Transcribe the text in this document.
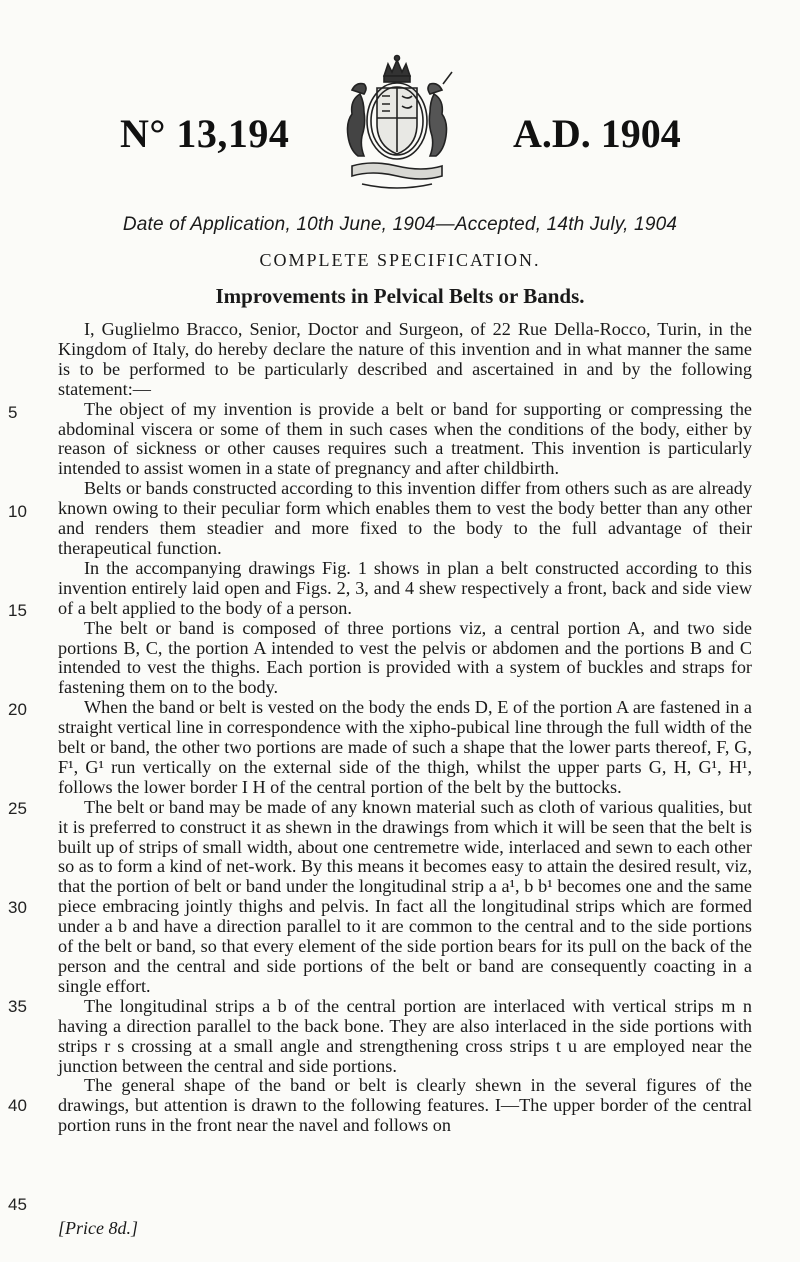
N° 13,194	A.D. 1904
Date of Application, 10th June, 1904—Accepted, 14th July, 1904
COMPLETE SPECIFICATION.
Improvements in Pelvical Belts or Bands.

I, Guglielmo Bracco, Senior, Doctor and Surgeon, of 22 Rue Della-Rocco, Turin, in the Kingdom of Italy, do hereby declare the nature of this invention and in what manner the same is to be performed to be particularly described and ascertained in and by the following statement:—

The object of my invention is provide a belt or band for supporting or compressing the abdominal viscera or some of them in such cases when the conditions of the body, either by reason of sickness or other causes requires such a treatment. This invention is particularly intended to assist women in a state of pregnancy and after childbirth.

Belts or bands constructed according to this invention differ from others such as are already known owing to their peculiar form which enables them to vest the body better than any other and renders them steadier and more fixed to the body to the full advantage of their therapeutical function.

In the accompanying drawings Fig. 1 shows in plan a belt constructed according to this invention entirely laid open and Figs. 2, 3, and 4 shew respectively a front, back and side view of a belt applied to the body of a person.

The belt or band is composed of three portions viz, a central portion A, and two side portions B, C, the portion A intended to vest the pelvis or abdomen and the portions B and C intended to vest the thighs. Each portion is provided with a system of buckles and straps for fastening them on to the body.

When the band or belt is vested on the body the ends D, E of the portion A are fastened in a straight vertical line in correspondence with the xipho-pubical line through the full width of the belt or band, the other two portions are made of such a shape that the lower parts thereof, F, G, F¹, G¹ run vertically on the external side of the thigh, whilst the upper parts G, H, G¹, H¹, follows the lower border I H of the central portion of the belt by the buttocks.

The belt or band may be made of any known material such as cloth of various qualities, but it is preferred to construct it as shewn in the drawings from which it will be seen that the belt is built up of strips of small width, about one centremetre wide, interlaced and sewn to each other so as to form a kind of net-work. By this means it becomes easy to attain the desired result, viz, that the portion of belt or band under the longitudinal strip a a¹, b b¹ becomes one and the same piece embracing jointly thighs and pelvis. In fact all the longitudinal strips which are formed under a b and have a direction parallel to it are common to the central and to the side portions of the belt or band, so that every element of the side portion bears for its pull on the back of the person and the central and side portions of the belt or band are consequently coacting in a single effort.

The longitudinal strips a b of the central portion are interlaced with vertical strips m n having a direction parallel to the back bone. They are also interlaced in the side portions with strips r s crossing at a small angle and strengthening cross strips t u are employed near the junction between the central and side portions.

The general shape of the band or belt is clearly shewn in the several figures of the drawings, but attention is drawn to the following features. I—The upper border of the central portion runs in the front near the navel and follows on

5
10
15
20
25
30
35
40
45
[Price 8d.]
